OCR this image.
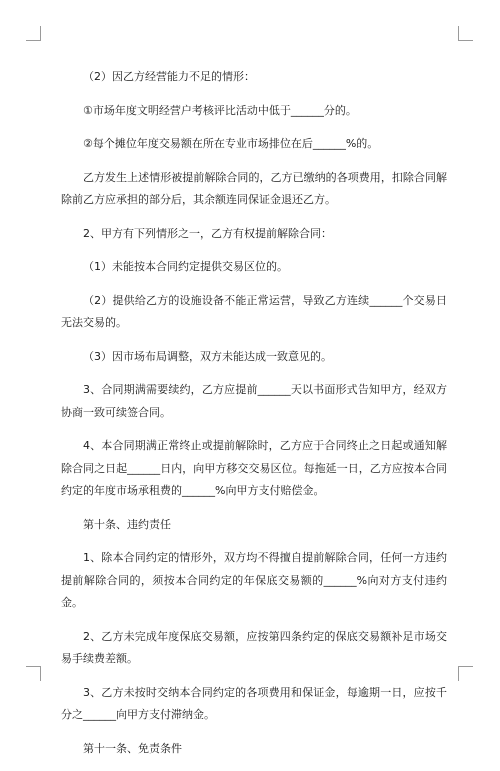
（2）因乙方经营能力不足的情形：

①市场年度文明经营户考核评比活动中低于______分的。

②每个摊位年度交易额在所在专业市场排位在后______%的。

乙方发生上述情形被提前解除合同的，乙方已缴纳的各项费用，扣除合同解除前乙方应承担的部分后，其余额连同保证金退还乙方。

2、甲方有下列情形之一，乙方有权提前解除合同：

（1）未能按本合同约定提供交易区位的。

（2）提供给乙方的设施设备不能正常运营，导致乙方连续______个交易日无法交易的。

（3）因市场布局调整，双方未能达成一致意见的。

3、合同期满需要续约，乙方应提前______天以书面形式告知甲方，经双方协商一致可续签合同。

4、本合同期满正常终止或提前解除时，乙方应于合同终止之日起或通知解除合同之日起______日内，向甲方移交交易区位。每拖延一日，乙方应按本合同约定的年度市场承租费的______%向甲方支付赔偿金。

第十条、违约责任

1、除本合同约定的情形外，双方均不得擅自提前解除合同，任何一方违约提前解除合同的，须按本合同约定的年保底交易额的______%向对方支付违约金。

2、乙方未完成年度保底交易额，应按第四条约定的保底交易额补足市场交易手续费差额。

3、乙方未按时交纳本合同约定的各项费用和保证金，每逾期一日，应按千分之______向甲方支付滞纳金。

第十一条、免责条件
